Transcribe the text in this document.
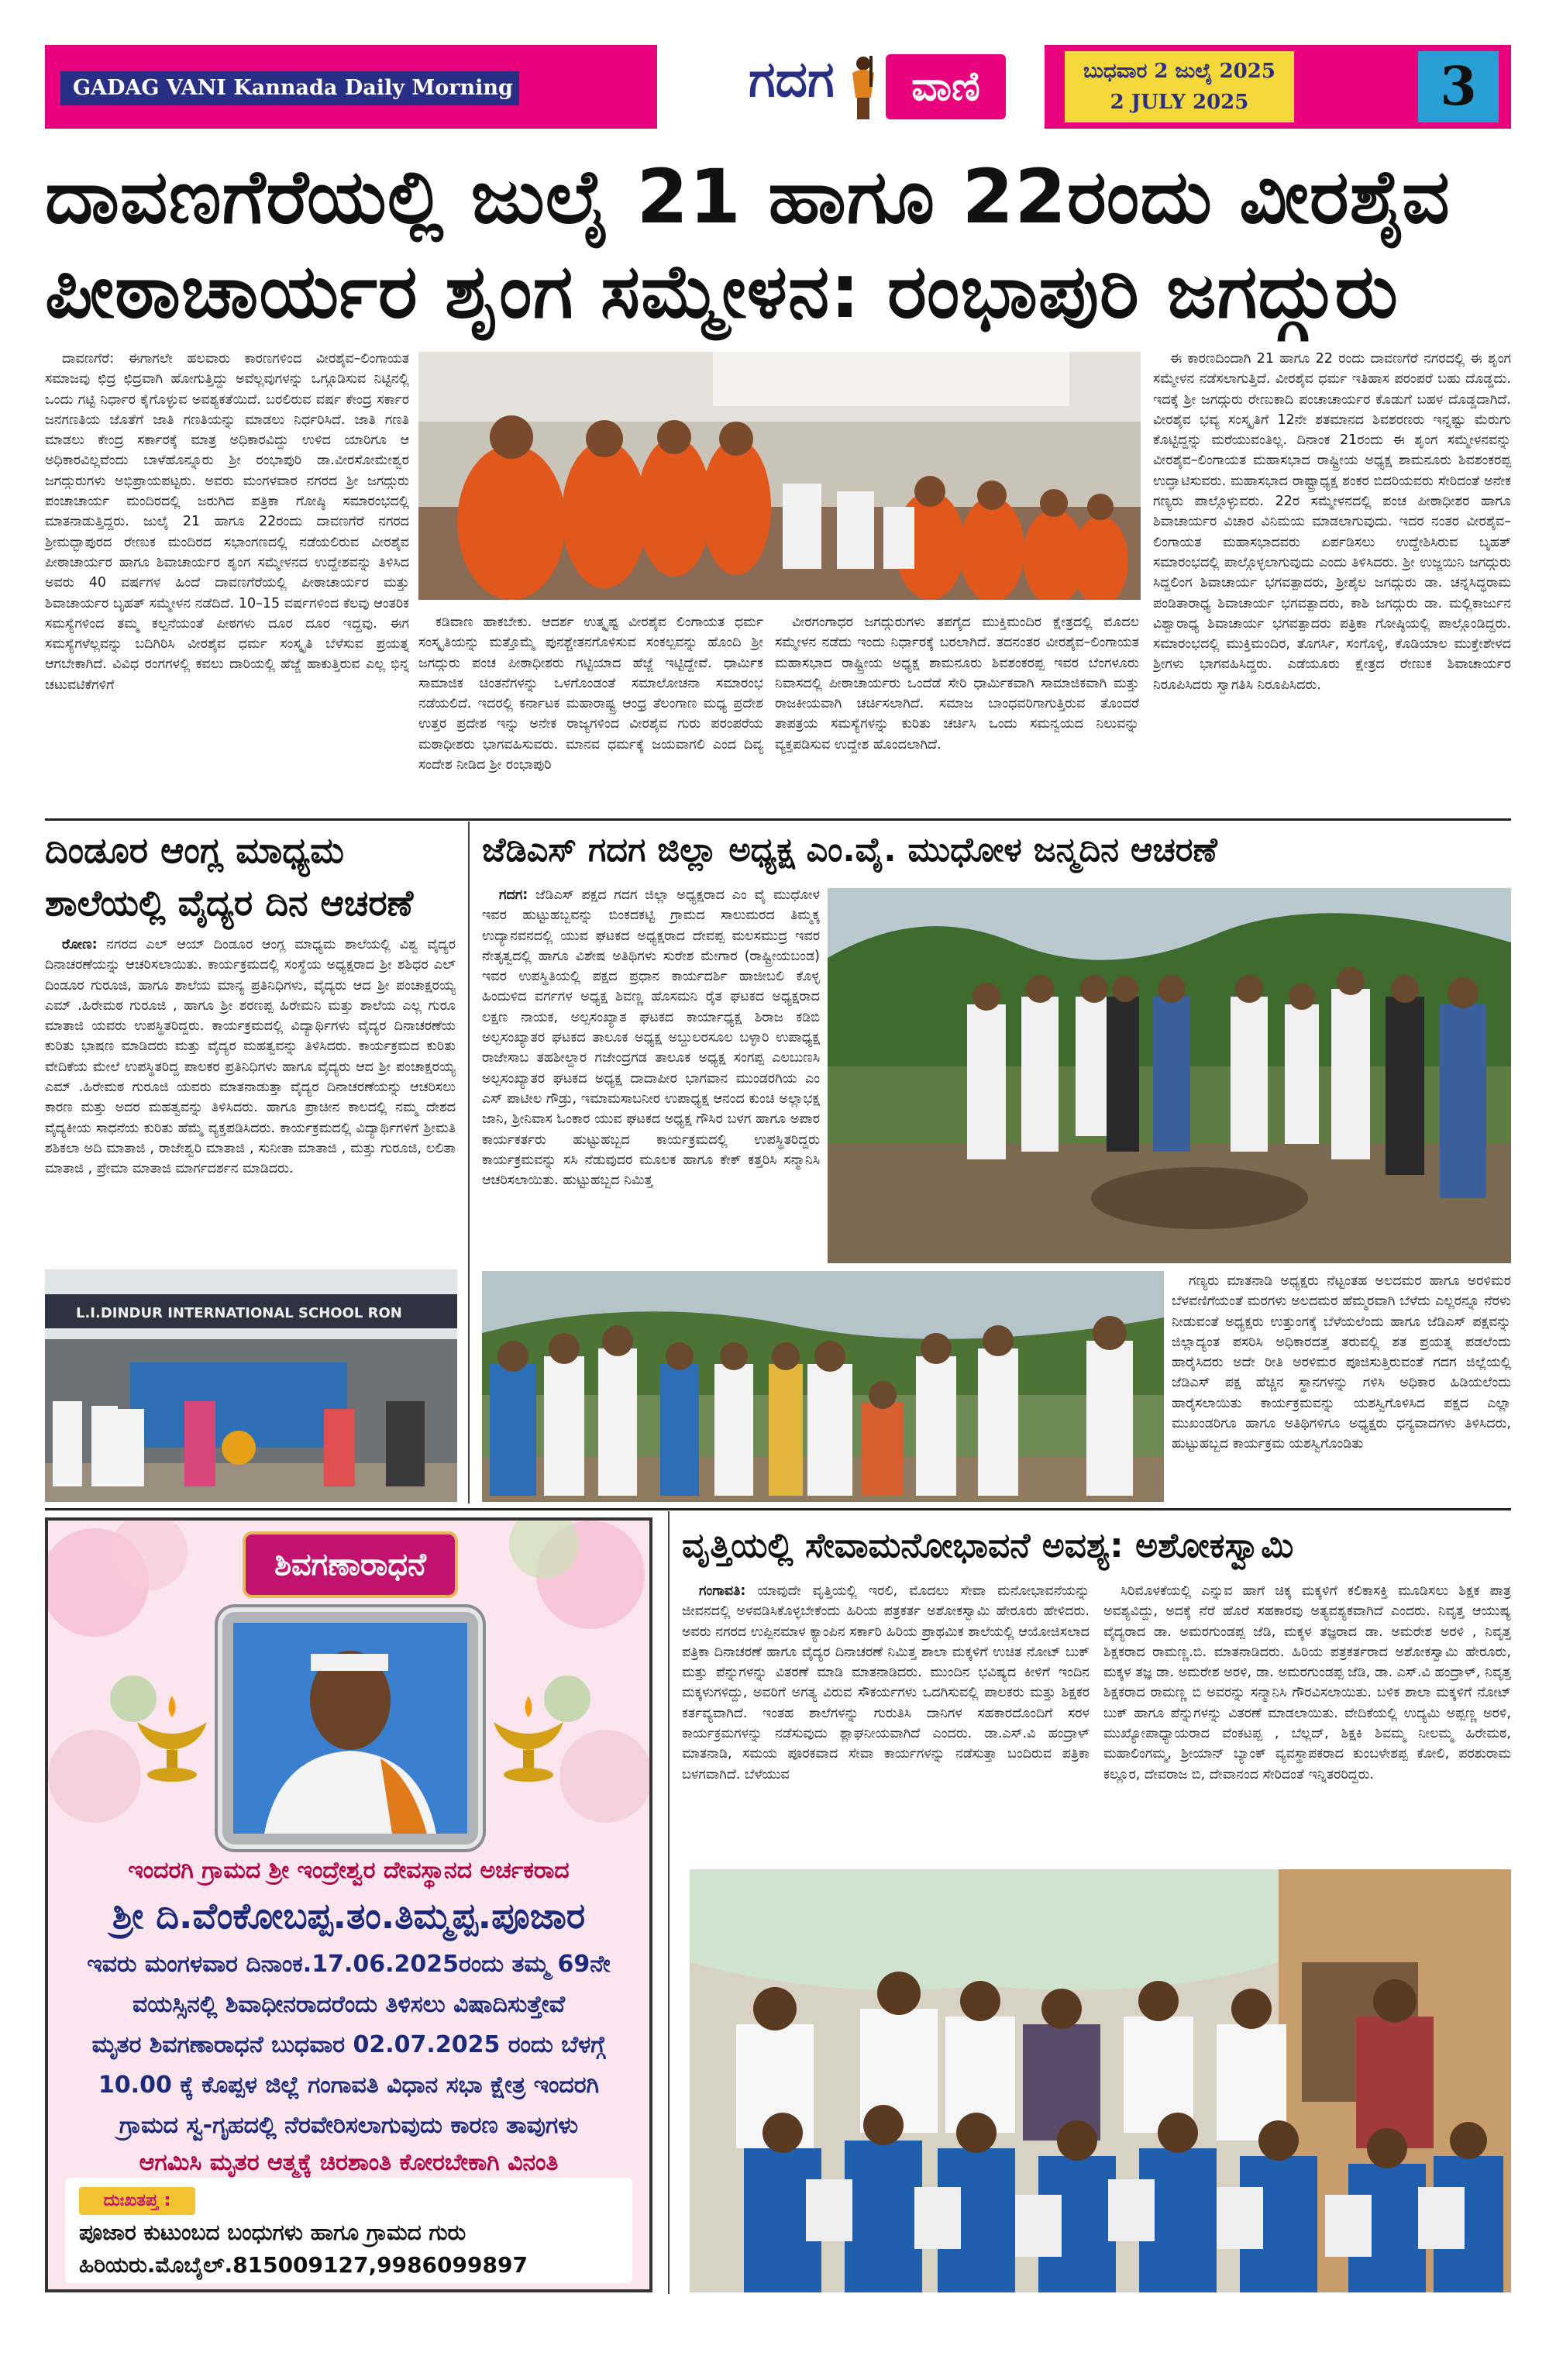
GADAG VANI Kannada Daily Morning	ಗದಗ	ವಾಣಿ	ಬುಧವಾರ 2 ಜುಲೈ 2025
2 JULY 2025	3
ದಾವಣಗೆರೆಯಲ್ಲಿ ಜುಲೈ 21 ಹಾಗೂ 22ರಂದು ವೀರಶೈವ
ಪೀಠಾಚಾರ್ಯರ ಶೃಂಗ ಸಮ್ಮೇಳನ: ರಂಭಾಪುರಿ ಜಗದ್ಗುರು

ದಾವಣಗೆರೆ: ಈಗಾಗಲೇ ಹಲವಾರು ಕಾರಣಗಳಿಂದ ವೀರಶೈವ–ಲಿಂಗಾಯತ ಸಮಾಜವು ಛಿದ್ರ ಛಿದ್ರವಾಗಿ ಹೋಗುತ್ತಿದ್ದು ಅವೆಲ್ಲವುಗಳನ್ನು ಒಗ್ಗೂಡಿಸುವ ನಿಟ್ಟಿನಲ್ಲಿ ಒಂದು ಗಟ್ಟಿ ನಿರ್ಧಾರ ಕೈಗೊಳ್ಳುವ ಅವಶ್ಯಕತೆಯಿದೆ. ಬರಲಿರುವ ವರ್ಷ ಕೇಂದ್ರ ಸರ್ಕಾರ ಜನಗಣತಿಯ ಜೊತೆಗೆ ಜಾತಿ ಗಣತಿಯನ್ನು ಮಾಡಲು ನಿರ್ಧರಿಸಿದೆ. ಜಾತಿ ಗಣತಿ ಮಾಡಲು ಕೇಂದ್ರ ಸರ್ಕಾರಕ್ಕೆ ಮಾತ್ರ ಅಧಿಕಾರವಿದ್ದು ಉಳಿದ ಯಾರಿಗೂ ಆ ಅಧಿಕಾರವಿಲ್ಲವೆಂದು ಬಾಳೆಹೊನ್ನೂರು ಶ್ರೀ ರಂಭಾಪುರಿ ಡಾ.ವೀರಸೋಮೇಶ್ವರ ಜಗದ್ಗುರುಗಳು ಅಭಿಪ್ರಾಯಪಟ್ಟರು. ಅವರು ಮಂಗಳವಾರ ನಗರದ ಶ್ರೀ ಜಗದ್ಗುರು ಪಂಚಾಚಾರ್ಯ ಮಂದಿರದಲ್ಲಿ ಜರುಗಿದ ಪತ್ರಿಕಾ ಗೋಷ್ಠಿ ಸಮಾರಂಭದಲ್ಲಿ ಮಾತನಾಡುತ್ತಿದ್ದರು. ಜುಲೈ 21 ಹಾಗೂ 22ರಂದು ದಾವಣಗೆರೆ ನಗರದ ಶ್ರೀಮದ್ಭಾಪುರದ ರೇಣುಕ ಮಂದಿರದ ಸಭಾಂಗಣದಲ್ಲಿ ನಡೆಯಲಿರುವ ವೀರಶೈವ ಪೀಠಾಚಾರ್ಯರ ಹಾಗೂ ಶಿವಾಚಾರ್ಯರ ಶೃಂಗ ಸಮ್ಮೇಳನದ ಉದ್ದೇಶವನ್ನು ತಿಳಿಸಿದ ಅವರು 40 ವರ್ಷಗಳ ಹಿಂದೆ ದಾವಣಗೆರೆಯಲ್ಲಿ ಪೀಠಾಚಾರ್ಯರ ಮತ್ತು ಶಿವಾಚಾರ್ಯರ ಬೃಹತ್ ಸಮ್ಮೇಳನ ನಡೆದಿದೆ. 10–15 ವರ್ಷಗಳಿಂದ ಕೆಲವು ಆಂತರಿಕ ಸಮಸ್ಯೆಗಳಿಂದ ತಮ್ಮ ಕಲ್ಪನೆಯಂತೆ ಪೀಠಗಳು ದೂರ ದೂರ ಇದ್ದವು. ಈಗ ಸಮಸ್ಯೆಗಳೆಲ್ಲವನ್ನು ಬದಿಗಿರಿಸಿ ವೀರಶೈವ ಧರ್ಮ ಸಂಸ್ಕೃತಿ ಬೆಳೆಸುವ ಪ್ರಯತ್ನ ಆಗಬೇಕಾಗಿದೆ. ವಿವಿಧ ರಂಗಗಳಲ್ಲಿ ಕವಲು ದಾರಿಯಲ್ಲಿ ಹೆಜ್ಜೆ ಹಾಕುತ್ತಿರುವ ಎಲ್ಲ ಭಿನ್ನ ಚಟುವಟಿಕೆಗಳಿಗೆ

ಕಡಿವಾಣ ಹಾಕಬೇಕು. ಆದರ್ಶ ಉತ್ಕೃಷ್ಟ ವೀರಶೈವ ಲಿಂಗಾಯತ ಧರ್ಮ ಸಂಸ್ಕೃತಿಯನ್ನು ಮತ್ತೊಮ್ಮೆ ಪುನಶ್ಚೇತನಗೊಳಿಸುವ ಸಂಕಲ್ಪವನ್ನು ಹೊಂದಿ ಶ್ರೀ ಜಗದ್ಗುರು ಪಂಚ ಪೀಠಾಧೀಶರು ಗಟ್ಟಿಯಾದ ಹೆಜ್ಜೆ ಇಟ್ಟಿದ್ದೇವೆ. ಧಾರ್ಮಿಕ ಸಾಮಾಜಿಕ ಚಿಂತನೆಗಳನ್ನು ಒಳಗೊಂಡಂತೆ ಸಮಾಲೋಚನಾ ಸಮಾರಂಭ ನಡೆಯಲಿದೆ. ಇದರಲ್ಲಿ ಕರ್ನಾಟಕ ಮಹಾರಾಷ್ಟ್ರ ಆಂಧ್ರ ತೆಲಂಗಾಣ ಮಧ್ಯ ಪ್ರದೇಶ ಉತ್ತರ ಪ್ರದೇಶ ಇನ್ನು ಅನೇಕ ರಾಜ್ಯಗಳಿಂದ ವೀರಶೈವ ಗುರು ಪರಂಪರೆಯ ಮಠಾಧೀಶರು ಭಾಗವಹಿಸುವರು. ಮಾನವ ಧರ್ಮಕ್ಕೆ ಜಯವಾಗಲಿ ಎಂದ ದಿವ್ಯ ಸಂದೇಶ ನೀಡಿದ ಶ್ರೀ ರಂಭಾಪುರಿ

ವೀರಗಂಗಾಧರ ಜಗದ್ಗುರುಗಳು ತಪಗೈದ ಮುಕ್ತಿಮಂದಿರ ಕ್ಷೇತ್ರದಲ್ಲಿ ಮೊದಲ ಸಮ್ಮೇಳನ ನಡೆದು ಇಂದು ನಿರ್ಧಾರಕ್ಕೆ ಬರಲಾಗಿದೆ. ತದನಂತರ ವೀರಶೈವ–ಲಿಂಗಾಯತ ಮಹಾಸಭಾದ ರಾಷ್ಟ್ರೀಯ ಅಧ್ಯಕ್ಷ ಶಾಮನೂರು ಶಿವಶಂಕರಪ್ಪ ಇವರ ಬೆಂಗಳೂರು ನಿವಾಸದಲ್ಲಿ ಪೀಠಾಚಾರ್ಯರು ಒಂದೆಡೆ ಸೇರಿ ಧಾರ್ಮಿಕವಾಗಿ ಸಾಮಾಜಿಕವಾಗಿ ಮತ್ತು ರಾಜಕೀಯವಾಗಿ ಚರ್ಚಿಸಲಾಗಿದೆ. ಸಮಾಜ ಬಾಂಧವರಿಗಾಗುತ್ತಿರುವ ತೊಂದರೆ ತಾಪತ್ರಯ ಸಮಸ್ಯೆಗಳನ್ನು ಕುರಿತು ಚರ್ಚಿಸಿ ಒಂದು ಸಮನ್ವಯದ ನಿಲುವನ್ನು ವ್ಯಕ್ತಪಡಿಸುವ ಉದ್ದೇಶ ಹೊಂದಲಾಗಿದೆ.

ಈ ಕಾರಣದಿಂದಾಗಿ 21 ಹಾಗೂ 22 ರಂದು ದಾವಣಗೆರೆ ನಗರದಲ್ಲಿ ಈ ಶೃಂಗ ಸಮ್ಮೇಳನ ನಡೆಸಲಾಗುತ್ತಿದೆ. ವೀರಶೈವ ಧರ್ಮ ಇತಿಹಾಸ ಪರಂಪರೆ ಬಹು ದೊಡ್ಡದು. ಇದಕ್ಕೆ ಶ್ರೀ ಜಗದ್ಗುರು ರೇಣುಕಾದಿ ಪಂಚಾಚಾರ್ಯರ ಕೊಡುಗೆ ಬಹಳ ದೊಡ್ಡದಾಗಿದೆ. ವೀರಶೈವ ಭವ್ಯ ಸಂಸ್ಕೃತಿಗೆ 12ನೇ ಶತಮಾನದ ಶಿವಶರಣರು ಇನ್ನಷ್ಟು ಮೆರುಗು ಕೊಟ್ಟಿದ್ದನ್ನು ಮರೆಯುವಂತಿಲ್ಲ. ದಿನಾಂಕ 21ರಂದು ಈ ಶೃಂಗ ಸಮ್ಮೇಳನವನ್ನು ವೀರಶೈವ–ಲಿಂಗಾಯತ ಮಹಾಸಭಾದ ರಾಷ್ಟ್ರೀಯ ಅಧ್ಯಕ್ಷ ಶಾಮನೂರು ಶಿವಶಂಕರಪ್ಪ ಉದ್ಘಾಟಿಸುವರು. ಮಹಾಸಭಾದ ರಾಷ್ಟ್ರಾಧ್ಯಕ್ಷ ಶಂಕರ ಬಿದರಿಯವರು ಸೇರಿದಂತೆ ಅನೇಕ ಗಣ್ಯರು ಪಾಲ್ಗೊಳ್ಳುವರು. 22ರ ಸಮ್ಮೇಳನದಲ್ಲಿ ಪಂಚ ಪೀಠಾಧೀಶರ ಹಾಗೂ ಶಿವಾಚಾರ್ಯರ ವಿಚಾರ ವಿನಿಮಯ ಮಾಡಲಾಗುವುದು. ಇದರ ನಂತರ ವೀರಶೈವ–ಲಿಂಗಾಯತ ಮಹಾಸಭಾದವರು ಏರ್ಪಡಿಸಲು ಉದ್ದೇಶಿಸಿರುವ ಬೃಹತ್ ಸಮಾರಂಭದಲ್ಲಿ ಪಾಲ್ಗೊಳ್ಳಲಾಗುವುದು ಎಂದು ತಿಳಿಸಿದರು. ಶ್ರೀ ಉಜ್ಜಯಿನಿ ಜಗದ್ಗುರು ಸಿದ್ದಲಿಂಗ ಶಿವಾಚಾರ್ಯ ಭಗವತ್ಪಾದರು, ಶ್ರೀಶೈಲ ಜಗದ್ಗುರು ಡಾ. ಚನ್ನಸಿದ್ಧರಾಮ ಪಂಡಿತಾರಾಧ್ಯ ಶಿವಾಚಾರ್ಯ ಭಗವತ್ಪಾದರು, ಕಾಶಿ ಜಗದ್ಗುರು ಡಾ. ಮಲ್ಲಿಕಾರ್ಜುನ ವಿಶ್ವಾರಾಧ್ಯ ಶಿವಾಚಾರ್ಯ ಭಗವತ್ಪಾದರು ಪತ್ರಿಕಾ ಗೋಷ್ಠಿಯಲ್ಲಿ ಪಾಲ್ಗೊಂಡಿದ್ದರು. ಸಮಾರಂಭದಲ್ಲಿ ಮುಕ್ತಿಮಂದಿರ, ತೊಗರ್ಸಿ, ಸಂಗೊಳ್ಳಿ, ಕೊಡಿಯಾಲ ಮುಕ್ತೇಶೇಳದ ಶ್ರೀಗಳು ಭಾಗವಹಿಸಿದ್ದರು. ಎಡೆಯೂರು ಕ್ಷೇತ್ರದ ರೇಣುಕ ಶಿವಾಚಾರ್ಯರ ನಿರೂಪಿಸಿದರು ಸ್ವಾಗತಿಸಿ ನಿರೂಪಿಸಿದರು.

ದಿಂಡೂರ ಆಂಗ್ಲ ಮಾಧ್ಯಮ
ಶಾಲೆಯಲ್ಲಿ ವೈದ್ಯರ ದಿನ ಆಚರಣೆ

ರೋಣ: ನಗರದ ಎಲ್ ಆಯ್ ದಿಂಡೂರ ಆಂಗ್ಲ ಮಾಧ್ಯಮ ಶಾಲೆಯಲ್ಲಿ ವಿಶ್ವ ವೈದ್ಯರ ದಿನಾಚರಣೆಯನ್ನು ಆಚರಿಸಲಾಯಿತು. ಕಾರ್ಯಕ್ರಮದಲ್ಲಿ ಸಂಸ್ಥೆಯ ಅಧ್ಯಕ್ಷರಾದ ಶ್ರೀ ಶಶಿಧರ ಎಲ್ ದಿಂಡೂರ ಗುರೂಜಿ, ಹಾಗೂ ಶಾಲೆಯ ಮಾನ್ಯ ಪ್ರತಿನಿಧಿಗಳು, ವೈದ್ಯರು ಆದ ಶ್ರೀ ಪಂಚಾಕ್ಷರಯ್ಯ ಎಮ್ .ಹಿರೇಮಠ ಗುರೂಜಿ , ಹಾಗೂ ಶ್ರೀ ಶರಣಪ್ಪ ಹಿರೇಮನಿ ಮತ್ತು ಶಾಲೆಯ ಎಲ್ಲ ಗುರೂ ಮಾತಾಜಿ ಯವರು ಉಪಸ್ಥಿತರಿದ್ದರು. ಕಾರ್ಯಕ್ರಮದಲ್ಲಿ ವಿದ್ಯಾರ್ಥಿಗಳು ವೈದ್ಯರ ದಿನಾಚರಣೆಯ ಕುರಿತು ಭಾಷಣ ಮಾಡಿದರು ಮತ್ತು ವೈದ್ಯರ ಮಹತ್ವವನ್ನು ತಿಳಿಸಿದರು. ಕಾರ್ಯಕ್ರಮದ ಕುರಿತು ವೇದಿಕೆಯ ಮೇಲೆ ಉಪಸ್ಥಿತರಿದ್ದ ಪಾಲಕರ ಪ್ರತಿನಿಧಿಗಳು ಹಾಗೂ ವೈದ್ಯರು ಆದ ಶ್ರೀ ಪಂಚಾಕ್ಷರಯ್ಯ ಎಮ್ .ಹಿರೇಮಠ ಗುರೂಜಿ ಯವರು ಮಾತನಾಡುತ್ತಾ ವೈದ್ಯರ ದಿನಾಚರಣೆಯನ್ನು ಆಚರಿಸಲು ಕಾರಣ ಮತ್ತು ಅದರ ಮಹತ್ವವನ್ನು ತಿಳಿಸಿದರು. ಹಾಗೂ ಪ್ರಾಚೀನ ಕಾಲದಲ್ಲಿ ನಮ್ಮ ದೇಶದ ವೈದ್ಯಕೀಯ ಸಾಧನೆಯ ಕುರಿತು ಹೆಮ್ಮೆ ವ್ಯಕ್ತಪಡಿಸಿದರು. ಕಾರ್ಯಕ್ರಮದಲ್ಲಿ ವಿದ್ಯಾರ್ಥಿಗಳಿಗೆ ಶ್ರೀಮತಿ ಶಶಿಕಲಾ ಅದಿ ಮಾತಾಜಿ , ರಾಜೇಶ್ವರಿ ಮಾತಾಜಿ , ಸುನೀತಾ ಮಾತಾಜಿ , ಮತ್ತು ಗುರೂಜಿ, ಲಲಿತಾ ಮಾತಾಜಿ , ಪ್ರೇಮಾ ಮಾತಾಜಿ ಮಾರ್ಗದರ್ಶನ ಮಾಡಿದರು.

L.I.DINDUR INTERNATIONAL SCHOOL RON
ಜೆಡಿಎಸ್ ಗದಗ ಜಿಲ್ಲಾ ಅಧ್ಯಕ್ಷ ಎಂ.ವೈ. ಮುಧೋಳ ಜನ್ಮದಿನ ಆಚರಣೆ

ಗದಗ: ಜೆಡಿಎಸ್ ಪಕ್ಷದ ಗದಗ ಜಿಲ್ಲಾ ಅಧ್ಯಕ್ಷರಾದ ಎಂ ವೈ ಮುಧೋಳ ಇವರ ಹುಟ್ಟುಹಬ್ಬವನ್ನು ಬಿಂಕದಕಟ್ಟಿ ಗ್ರಾಮದ ಸಾಲುಮರದ ತಿಮ್ಮಕ್ಕ ಉದ್ಯಾನವನದಲ್ಲಿ ಯುವ ಘಟಕದ ಅಧ್ಯಕ್ಷರಾದ ದೇವಪ್ಪ ಮಲಸಮುದ್ರ ಇವರ ನೇತೃತ್ವದಲ್ಲಿ ಹಾಗೂ ವಿಶೇಷ ಅತಿಥಿಗಳು ಸುರೇಶ ಮೇಗಾರ (ರಾಷ್ಟ್ರೀಯಬಂಡ) ಇವರ ಉಪಸ್ಥಿತಿಯಲ್ಲಿ ಪಕ್ಷದ ಪ್ರಧಾನ ಕಾರ್ಯದರ್ಶಿ ಹಾಜೀಬಲಿ ಕೊಳ್ಳ ಹಿಂದುಳಿದ ವರ್ಗಗಳ ಅಧ್ಯಕ್ಷ ಶಿವಣ್ಣ ಹೊಸಮನಿ ರೈತ ಘಟಕದ ಅಧ್ಯಕ್ಷರಾದ ಲಕ್ಷಣ ನಾಯಕ, ಅಲ್ಪಸಂಖ್ಯಾತ ಘಟಕದ ಕಾರ್ಯಾಧ್ಯಕ್ಷ ಶಿರಾಜ ಕಡಿಬಿ ಅಲ್ಪಸಂಖ್ಯಾತರ ಘಟಕದ ತಾಲೂಕ ಅಧ್ಯಕ್ಷ ಅಬ್ದುಲರಸೂಲ ಬಳ್ಳಾರಿ ಉಪಾಧ್ಯಕ್ಷ ರಾಜೇಸಾಬ ತಹಶೀಲ್ದಾರ ಗಜೇಂದ್ರಗಡ ತಾಲೂಕ ಅಧ್ಯಕ್ಷ ಸಂಗಪ್ಪ ಎಲಬುಣಸಿ ಅಲ್ಪಸಂಖ್ಯಾತರ ಘಟಕದ ಅಧ್ಯಕ್ಷ ದಾದಾಪೀರ ಭಾಗವಾನ ಮುಂಡರಗಿಯ ಎಂ ಎಸ್ ಪಾಟೀಲ ಗೌಡ್ರು, ಇಮಾಮಸಾಬನೀರ ಉಪಾಧ್ಯಕ್ಷ ಆನಂದ ಕುಂಚಿ ಅಲ್ಲಾಭಕ್ಷ ಜಾನಿ, ಶ್ರೀನಿವಾಸ ಓಂಕಾರ ಯುವ ಘಟಕದ ಅಧ್ಯಕ್ಷ ಗೌಸಿರ ಬಳಗ ಹಾಗೂ ಅಪಾರ ಕಾರ್ಯಕರ್ತರು ಹುಟ್ಟುಹಬ್ಬದ ಕಾರ್ಯಕ್ರಮದಲ್ಲಿ ಉಪಸ್ಥಿತರಿದ್ದರು ಕಾರ್ಯಕ್ರಮವನ್ನು ಸಸಿ ನೆಡುವುದರ ಮೂಲಕ ಹಾಗೂ ಕೇಕ್ ಕತ್ತರಿಸಿ ಸನ್ಮಾನಿಸಿ ಆಚರಿಸಲಾಯಿತು. ಹುಟ್ಟುಹಬ್ಬದ ನಿಮಿತ್ತ

ಗಣ್ಯರು ಮಾತನಾಡಿ ಅಧ್ಯಕ್ಷರು ನೆಟ್ಟಂತಹ ಅಲದಮರ ಹಾಗೂ ಅರಳಿಮರ ಬೆಳವಣಿಗೆಯಂತೆ ಮರಗಳು ಅಲದಮರ ಹೆಮ್ಮರವಾಗಿ ಬೆಳೆದು ಎಲ್ಲರನ್ನೂ ನೆರಳು ನೀಡುವಂತೆ ಅಧ್ಯಕ್ಷರು ಉತ್ತುಂಗಕ್ಕೆ ಬೆಳೆಯಲೆಂದು ಹಾಗೂ ಜೆಡಿಎಸ್ ಪಕ್ಷವನ್ನು ಜಿಲ್ಲಾದ್ಯಂತ ಪಸರಿಸಿ ಅಧಿಕಾರದತ್ತ ತರುವಲ್ಲಿ ಶತ ಪ್ರಯತ್ನ ಪಡಲೆಂದು ಹಾರೈಸಿದರು ಅದೇ ರೀತಿ ಅರಳಿಮರ ಪೂಜಿಸುತ್ತಿರುವಂತೆ ಗದಗ ಜಿಲ್ಲೆಯಲ್ಲಿ ಜೆಡಿಎಸ್ ಪಕ್ಷ ಹೆಚ್ಚಿನ ಸ್ಥಾನಗಳನ್ನು ಗಳಿಸಿ ಅಧಿಕಾರ ಹಿಡಿಯಲೆಂದು ಹಾರೈಸಲಾಯಿತು ಕಾರ್ಯಕ್ರಮವನ್ನು ಯಶಸ್ವಿಗೊಳಿಸಿದ ಪಕ್ಷದ ಎಲ್ಲಾ ಮುಖಂಡರಿಗೂ ಹಾಗೂ ಅತಿಥಿಗಳಿಗೂ ಅಧ್ಯಕ್ಷರು ಧನ್ಯವಾದಗಳು ತಿಳಿಸಿದರು, ಹುಟ್ಟುಹಬ್ಬದ ಕಾರ್ಯಕ್ರಮ ಯಶಸ್ವಿಗೊಂಡಿತು

ಶಿವಗಣಾರಾಧನೆ
ಇಂದರಗಿ ಗ್ರಾಮದ ಶ್ರೀ ಇಂದ್ರೇಶ್ವರ ದೇವಸ್ಥಾನದ ಅರ್ಚಕರಾದ
ಶ್ರೀ ದಿ.ವೆಂಕೋಬಪ್ಪ.ತಂ.ತಿಮ್ಮಪ್ಪ.ಪೂಜಾರ
ಇವರು ಮಂಗಳವಾರ ದಿನಾಂಕ.17.06.2025ರಂದು ತಮ್ಮ 69ನೇ
ವಯಸ್ಸಿನಲ್ಲಿ ಶಿವಾಧೀನರಾದರೆಂದು ತಿಳಿಸಲು ವಿಷಾದಿಸುತ್ತೇವೆ
ಮೃತರ ಶಿವಗಣಾರಾಧನೆ ಬುಧವಾರ 02.07.2025 ರಂದು ಬೆಳಗ್ಗೆ
10.00 ಕ್ಕೆ ಕೊಪ್ಪಳ ಜಿಲ್ಲೆ ಗಂಗಾವತಿ ವಿಧಾನ ಸಭಾ ಕ್ಷೇತ್ರ ಇಂದರಗಿ
ಗ್ರಾಮದ ಸ್ವ-ಗೃಹದಲ್ಲಿ ನೆರವೇರಿಸಲಾಗುವುದು ಕಾರಣ ತಾವುಗಳು
ಆಗಮಿಸಿ ಮೃತರ ಆತ್ಮಕ್ಕೆ ಚಿರಶಾಂತಿ ಕೋರಬೇಕಾಗಿ ವಿನಂತಿ
ದುಃಖತಪ್ತ :
ಪೂಜಾರ ಕುಟುಂಬದ ಬಂಧುಗಳು ಹಾಗೂ ಗ್ರಾಮದ ಗುರು
ಹಿರಿಯರು.ಮೊಬೈಲ್.815009127,9986099897
ವೃತ್ತಿಯಲ್ಲಿ ಸೇವಾಮನೋಭಾವನೆ ಅವಶ್ಯ: ಅಶೋಕಸ್ವಾಮಿ

ಗಂಗಾವತಿ: ಯಾವುದೇ ವೃತ್ತಿಯಲ್ಲಿ ಇರಲಿ, ಮೊದಲು ಸೇವಾ ಮನೋಭಾವನೆಯನ್ನು ಜೀವನದಲ್ಲಿ ಅಳವಡಿಸಿಕೊಳ್ಳಬೇಕೆಂದು ಹಿರಿಯ ಪತ್ರಕರ್ತ ಅಶೋಕಸ್ವಾಮಿ ಹೇರೂರು ಹೇಳಿದರು. ಅವರು ನಗರದ ಉಪ್ಪಿನಮಾಳ ಕ್ಯಾಂಪಿನ ಸರ್ಕಾರಿ ಹಿರಿಯ ಪ್ರಾಥಮಿಕ ಶಾಲೆಯಲ್ಲಿ ಆಯೋಜಿಸಲಾದ ಪತ್ರಿಕಾ ದಿನಾಚರಣೆ ಹಾಗೂ ವೈದ್ಯರ ದಿನಾಚರಣೆ ನಿಮಿತ್ತ ಶಾಲಾ ಮಕ್ಕಳಿಗೆ ಉಚಿತ ನೋಟ್ ಬುಕ್ ಮತ್ತು ಪೆನ್ನುಗಳನ್ನು ವಿತರಣೆ ಮಾಡಿ ಮಾತನಾಡಿದರು. ಮುಂದಿನ ಭವಿಷ್ಯದ ಕೀಳಿಗೆ ಇಂದಿನ ಮಕ್ಕಳುಗಳಿದ್ದು, ಅವರಿಗೆ ಅಗತ್ಯ ವಿರುವ ಸೌಕರ್ಯಗಳು ಒದಗಿಸುವಲ್ಲಿ ಪಾಲಕರು ಮತ್ತು ಶಿಕ್ಷಕರ ಕರ್ತವ್ಯವಾಗಿದೆ. ಇಂತಹ ಶಾಲೆಗಳನ್ನು ಗುರುತಿಸಿ ದಾನಿಗಳ ಸಹಕಾರದೊಂದಿಗೆ ಸರಳ ಕಾರ್ಯಕ್ರಮಗಳನ್ನು ನಡೆಸುವುದು ಶ್ಲಾಘನೀಯವಾಗಿದೆ ಎಂದರು. ಡಾ.ಎಸ್.ವಿ ಹಂದ್ರಾಳ್ ಮಾತನಾಡಿ, ಸಮಯ ಪೂರಕವಾದ ಸೇವಾ ಕಾರ್ಯಗಳನ್ನು ನಡೆಸುತ್ತಾ ಬಂದಿರುವ ಪತ್ರಿಕಾ ಬಳಗವಾಗಿದೆ. ಬೆಳೆಯುವ

ಸಿರಿಮೊಳಕೆಯಲ್ಲಿ ಎನ್ನುವ ಹಾಗೆ ಚಿಕ್ಕ ಮಕ್ಕಳಿಗೆ ಕಲಿಕಾಸಕ್ತಿ ಮೂಡಿಸಲು ಶಿಕ್ಷಕ ಪಾತ್ರ ಅವಶ್ಯವಿದ್ದು, ಅದಕ್ಕೆ ನೆರೆ ಹೊರೆ ಸಹಕಾರವು ಅತ್ಯವಶ್ಯಕವಾಗಿದೆ ಎಂದರು. ನಿವೃತ್ತ ಆಯುಷ್ಯ ವೈದ್ಯರಾದ ಡಾ. ಅಮರಗುಂಡಪ್ಪ ಜೆಡಿ, ಮಕ್ಕಳ ತಜ್ಞರಾದ ಡಾ. ಅಮರೇಶ ಅರಳಿ , ನಿವೃತ್ತ ಶಿಕ್ಷಕರಾದ ರಾಮಣ್ಣ.ಬಿ. ಮಾತನಾಡಿದರು. ಹಿರಿಯ ಪತ್ರಕರ್ತರಾದ ಅಶೋಕಸ್ವಾಮಿ ಹೇರೂರು, ಮಕ್ಕಳ ತಜ್ಞ ಡಾ. ಅಮರೇಶ ಅರಳಿ, ಡಾ. ಅಮರಗುಂಡಪ್ಪ ಜೆಡಿ, ಡಾ. ಎಸ್.ವಿ ಹಂದ್ರಾಳ್, ನಿವೃತ್ತ ಶಿಕ್ಷಕರಾದ ರಾಮಣ್ಣ ಬಿ ಅವರನ್ನು ಸನ್ಮಾನಿಸಿ ಗೌರವಿಸಲಾಯಿತು. ಬಳಿಕ ಶಾಲಾ ಮಕ್ಕಳಿಗೆ ನೋಟ್ ಬುಕ್ ಹಾಗೂ ಪೆನ್ನುಗಳನ್ನು ವಿತರಣೆ ಮಾಡಲಾಯಿತು. ವೇದಿಕೆಯಲ್ಲಿ ಉದ್ಯಮಿ ಅಪ್ಪಣ್ಣ ಅರಳಿ, ಮುಖ್ಯೋಪಾಧ್ಯಾಯರಾದ ವೆಂಕಟಪ್ಪ , ಬೆಲ್ಲದ್, ಶಿಕ್ಷಕಿ ಶಿವಮ್ಮ ನೀಲಮ್ಮ ಹಿರೇಮಠ, ಮಹಾಲಿಂಗಮ್ಮ, ಶ್ರೀಯಾನ್ ಬ್ಯಾಂಕ್ ವ್ಯವಸ್ಥಾಪಕರಾದ ಕುಂಬಳೇಶಪ್ಪ ಕೋಲಿ, ಪರಶುರಾಮ ಕಲ್ಲೂರ, ದೇವರಾಜ ಬಿ, ದೇವಾನಂದ ಸೇರಿದಂತೆ ಇನ್ನಿತರರಿದ್ದರು.
